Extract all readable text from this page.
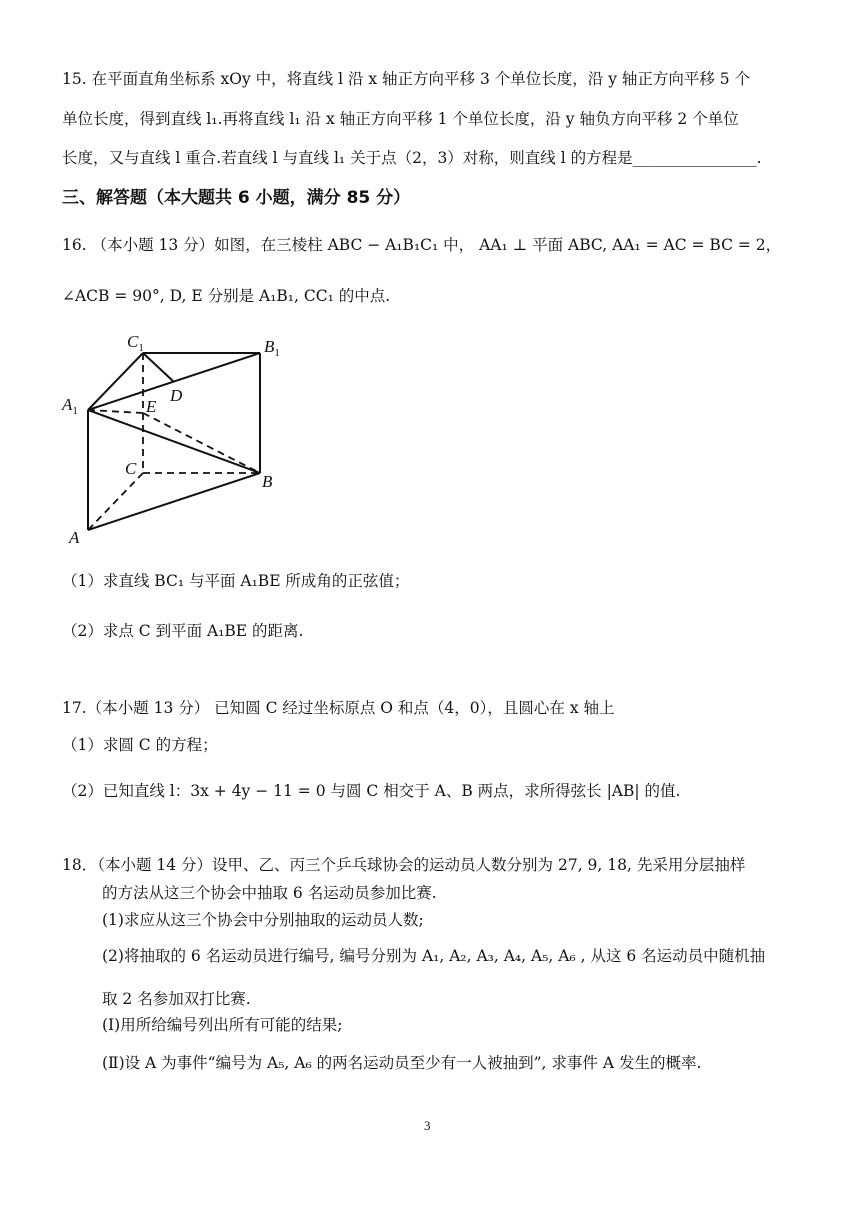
15. 在平面直角坐标系 xOy 中，将直线 l 沿 x 轴正方向平移 3 个单位长度，沿 y 轴正方向平移 5 个
单位长度，得到直线 l₁.再将直线 l₁ 沿 x 轴正方向平移 1 个单位长度，沿 y 轴负方向平移 2 个单位
长度，又与直线 l 重合.若直线 l 与直线 l₁ 关于点（2，3）对称，则直线 l 的方程是________________.
三、解答题（本大题共 6 小题，满分 85 分）
16. （本小题 13 分）如图，在三棱柱 ABC − A₁B₁C₁ 中， AA₁ ⊥ 平面 ABC, AA₁ = AC = BC = 2，
∠ACB = 90°, D, E 分别是 A₁B₁, CC₁ 的中点.
$C_1$	$B_1$
$A_1$
D
E
C
B
A
（1）求直线 BC₁ 与平面 A₁BE 所成角的正弦值；
（2）求点 C 到平面 A₁BE 的距离.
17.（本小题 13 分） 已知圆 C 经过坐标原点 O 和点（4，0），且圆心在 x 轴上
（1）求圆 C 的方程；
（2）已知直线 l：3x + 4y − 11 = 0 与圆 C 相交于 A、B 两点，求所得弦长 |AB| 的值.
18．（本小题 14 分）设甲、乙、丙三个乒乓球协会的运动员人数分别为 27, 9, 18, 先采用分层抽样
的方法从这三个协会中抽取 6 名运动员参加比赛.
(1)求应从这三个协会中分别抽取的运动员人数;
(2)将抽取的 6 名运动员进行编号, 编号分别为 A₁, A₂, A₃, A₄, A₅, A₆ , 从这 6 名运动员中随机抽
取 2 名参加双打比赛.
(Ⅰ)用所给编号列出所有可能的结果;
(Ⅱ)设 A 为事件“编号为 A₅, A₆ 的两名运动员至少有一人被抽到”, 求事件 A 发生的概率.
3
